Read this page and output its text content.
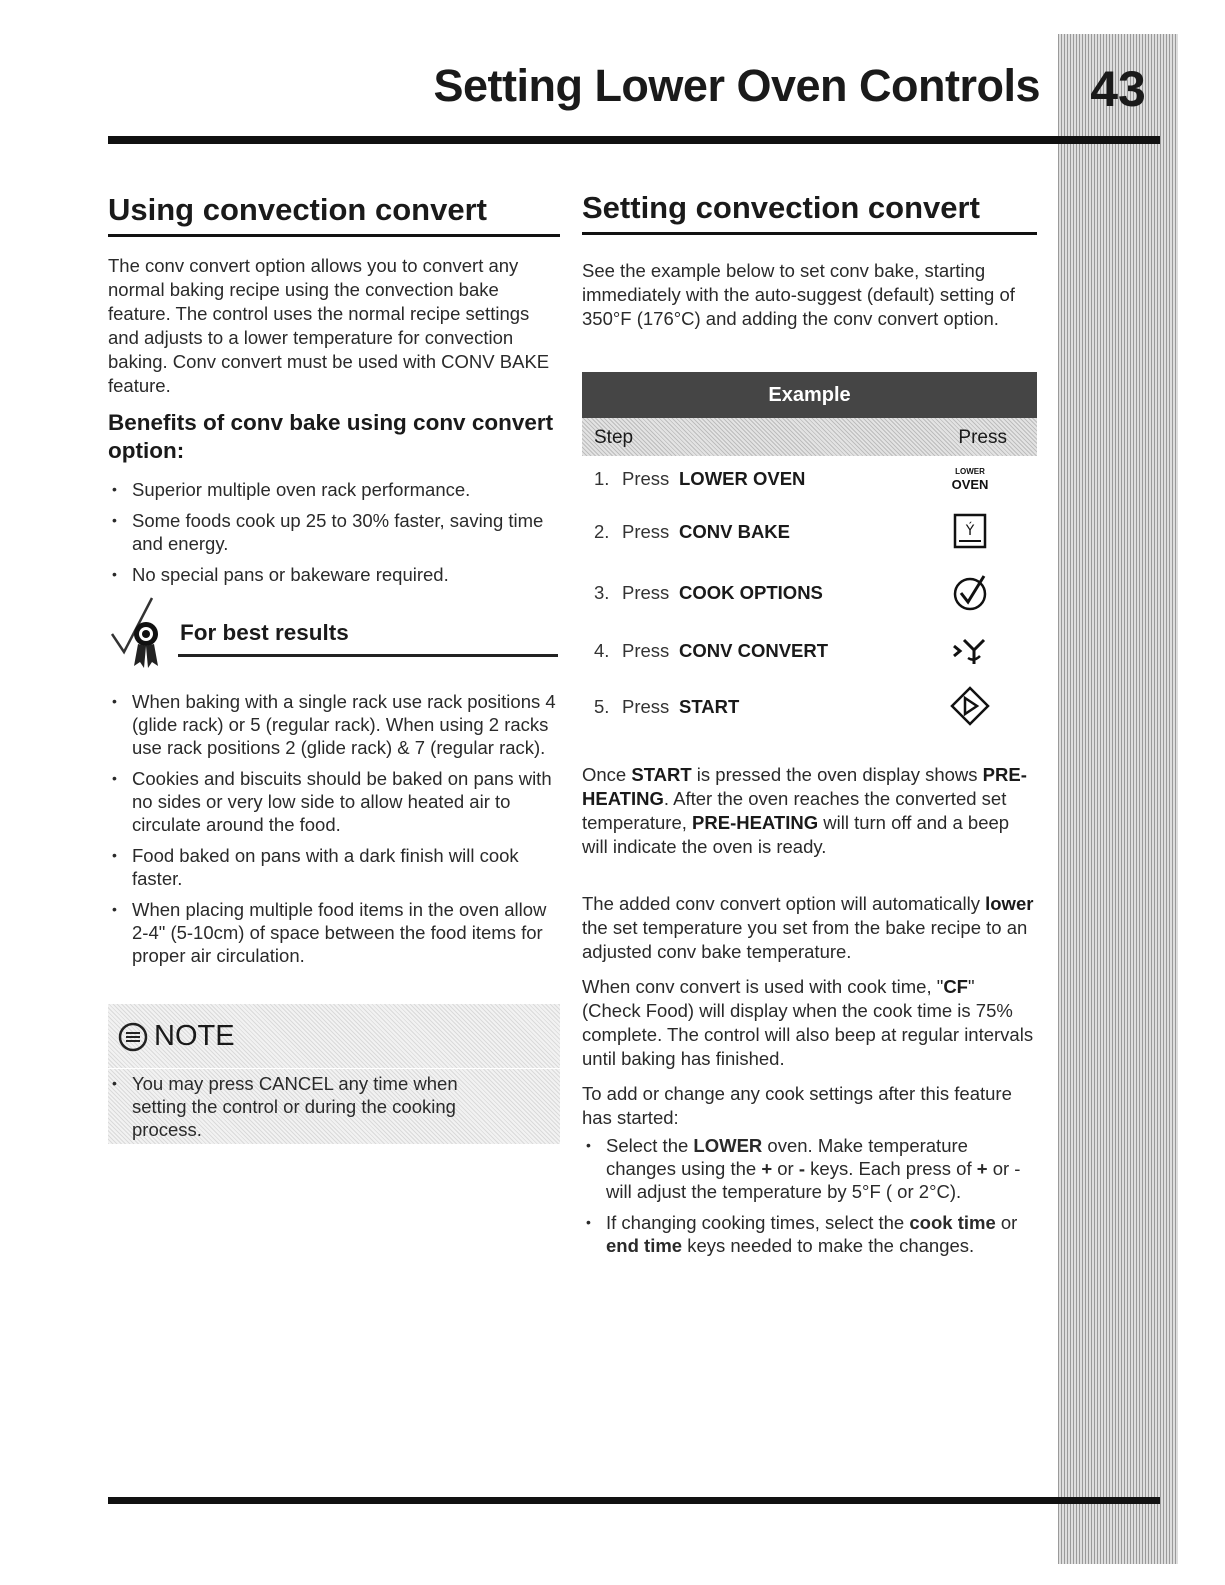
43
Setting Lower Oven Controls
Using convection convert
The conv convert option allows you to convert any normal baking recipe using the convection bake feature. The control uses the normal recipe settings and adjusts to a lower temperature for convection baking. Conv convert must be used with CONV BAKE feature.
Benefits of conv bake using conv convert option:
• Superior multiple oven rack performance.
• Some foods cook up 25 to 30% faster, saving time and energy.
• No special pans or bakeware required.
For best results
• When baking with a single rack use rack positions 4 (glide rack) or 5 (regular rack). When using 2 racks use rack positions 2 (glide rack) & 7 (regular rack).
• Cookies and biscuits should be baked on pans with no sides or very low side to allow heated air to circulate around the food.
• Food baked on pans with a dark finish will cook faster.
• When placing multiple food items in the oven allow 2-4" (5-10cm) of space between the food items for proper air circulation.
NOTE
• You may press CANCEL any time when setting the control or during the cooking process.
Setting convection convert
See the example below to set conv bake, starting immediately with the auto-suggest (default) setting of 350°F (176°C) and adding the conv convert option.
Example
Step	Press
1. Press LOWER OVEN	LOWER
OVEN
2. Press CONV BAKE	Ý
3. Press COOK OPTIONS
4. Press CONV CONVERT
5. Press START

Once START is pressed the oven display shows PRE-HEATING. After the oven reaches the converted set temperature, PRE-HEATING will turn off and a beep will indicate the oven is ready.

The added conv convert option will automatically lower the set temperature you set from the bake recipe to an adjusted conv bake temperature.

When conv convert is used with cook time, "CF" (Check Food) will display when the cook time is 75% complete. The control will also beep at regular intervals until baking has finished.

To add or change any cook settings after this feature has started:

• Select the LOWER oven. Make temperature changes using the + or - keys. Each press of + or - will adjust the temperature by 5°F ( or 2°C).
• If changing cooking times, select the cook time or end time keys needed to make the changes.
